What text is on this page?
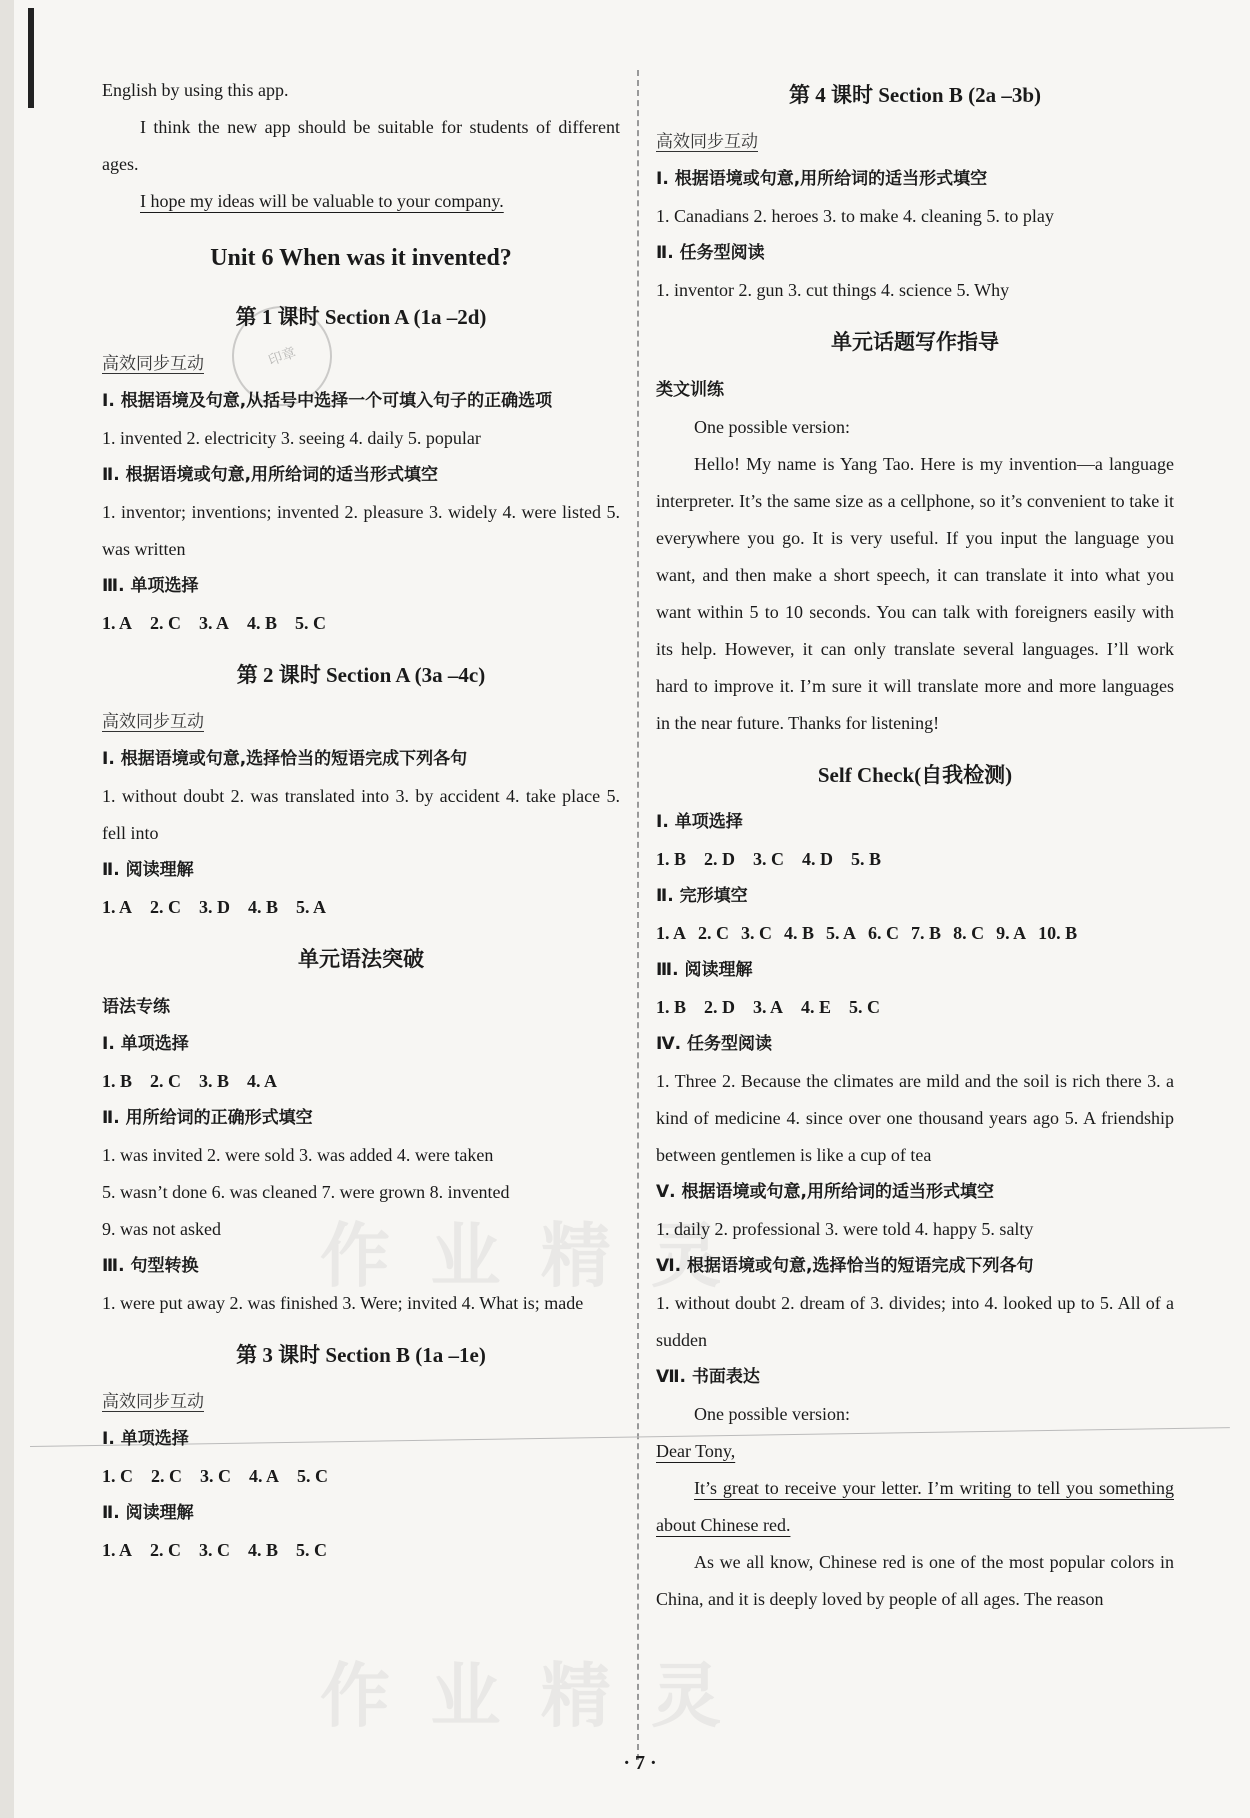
印章
作 业 精 灵
作 业 精 灵

English by using this app.

I think the new app should be suitable for students of different ages.

I hope my ideas will be valuable to your company.

Unit 6 When was it invented?
第 1 课时 Section A (1a –2d)
高效同步互动
Ⅰ. 根据语境及句意,从括号中选择一个可填入句子的正确选项

1. invented 2. electricity 3. seeing 4. daily 5. popular

Ⅱ. 根据语境或句意,用所给词的适当形式填空

1. inventor; inventions; invented 2. pleasure 3. widely 4. were listed 5. was written

Ⅲ. 单项选择

1. A 2. C 3. A 4. B 5. C

第 2 课时 Section A (3a –4c)
高效同步互动
Ⅰ. 根据语境或句意,选择恰当的短语完成下列各句

1. without doubt 2. was translated into 3. by accident 4. take place 5. fell into

Ⅱ. 阅读理解

1. A 2. C 3. D 4. B 5. A

单元语法突破
语法专练
Ⅰ. 单项选择

1. B 2. C 3. B 4. A

Ⅱ. 用所给词的正确形式填空

1. was invited 2. were sold 3. was added 4. were taken

5. wasn’t done 6. was cleaned 7. were grown 8. invented

9. was not asked

Ⅲ. 句型转换

1. were put away 2. was finished 3. Were; invited 4. What is; made

第 3 课时 Section B (1a –1e)
高效同步互动
Ⅰ. 单项选择

1. C 2. C 3. C 4. A 5. C

Ⅱ. 阅读理解

1. A 2. C 3. C 4. B 5. C

第 4 课时 Section B (2a –3b)
高效同步互动
Ⅰ. 根据语境或句意,用所给词的适当形式填空

1. Canadians 2. heroes 3. to make 4. cleaning 5. to play

Ⅱ. 任务型阅读

1. inventor 2. gun 3. cut things 4. science 5. Why

单元话题写作指导
类文训练

One possible version:

Hello! My name is Yang Tao. Here is my invention—a language interpreter. It’s the same size as a cellphone, so it’s convenient to take it everywhere you go. It is very useful. If you input the language you want, and then make a short speech, it can translate it into what you want within 5 to 10 seconds. You can talk with foreigners easily with its help. However, it can only translate several languages. I’ll work hard to improve it. I’m sure it will translate more and more languages in the near future. Thanks for listening!

Self Check(自我检测)
Ⅰ. 单项选择

1. B 2. D 3. C 4. D 5. B

Ⅱ. 完形填空

1. A 2. C 3. C 4. B 5. A 6. C 7. B 8. C 9. A 10. B

Ⅲ. 阅读理解

1. B 2. D 3. A 4. E 5. C

Ⅳ. 任务型阅读

1. Three 2. Because the climates are mild and the soil is rich there 3. a kind of medicine 4. since over one thousand years ago 5. A friendship between gentlemen is like a cup of tea

Ⅴ. 根据语境或句意,用所给词的适当形式填空

1. daily 2. professional 3. were told 4. happy 5. salty

Ⅵ. 根据语境或句意,选择恰当的短语完成下列各句

1. without doubt 2. dream of 3. divides; into 4. looked up to 5. All of a sudden

Ⅶ. 书面表达

One possible version:

Dear Tony,

It’s great to receive your letter. I’m writing to tell you something about Chinese red.

As we all know, Chinese red is one of the most popular colors in China, and it is deeply loved by people of all ages. The reason

· 7 ·
